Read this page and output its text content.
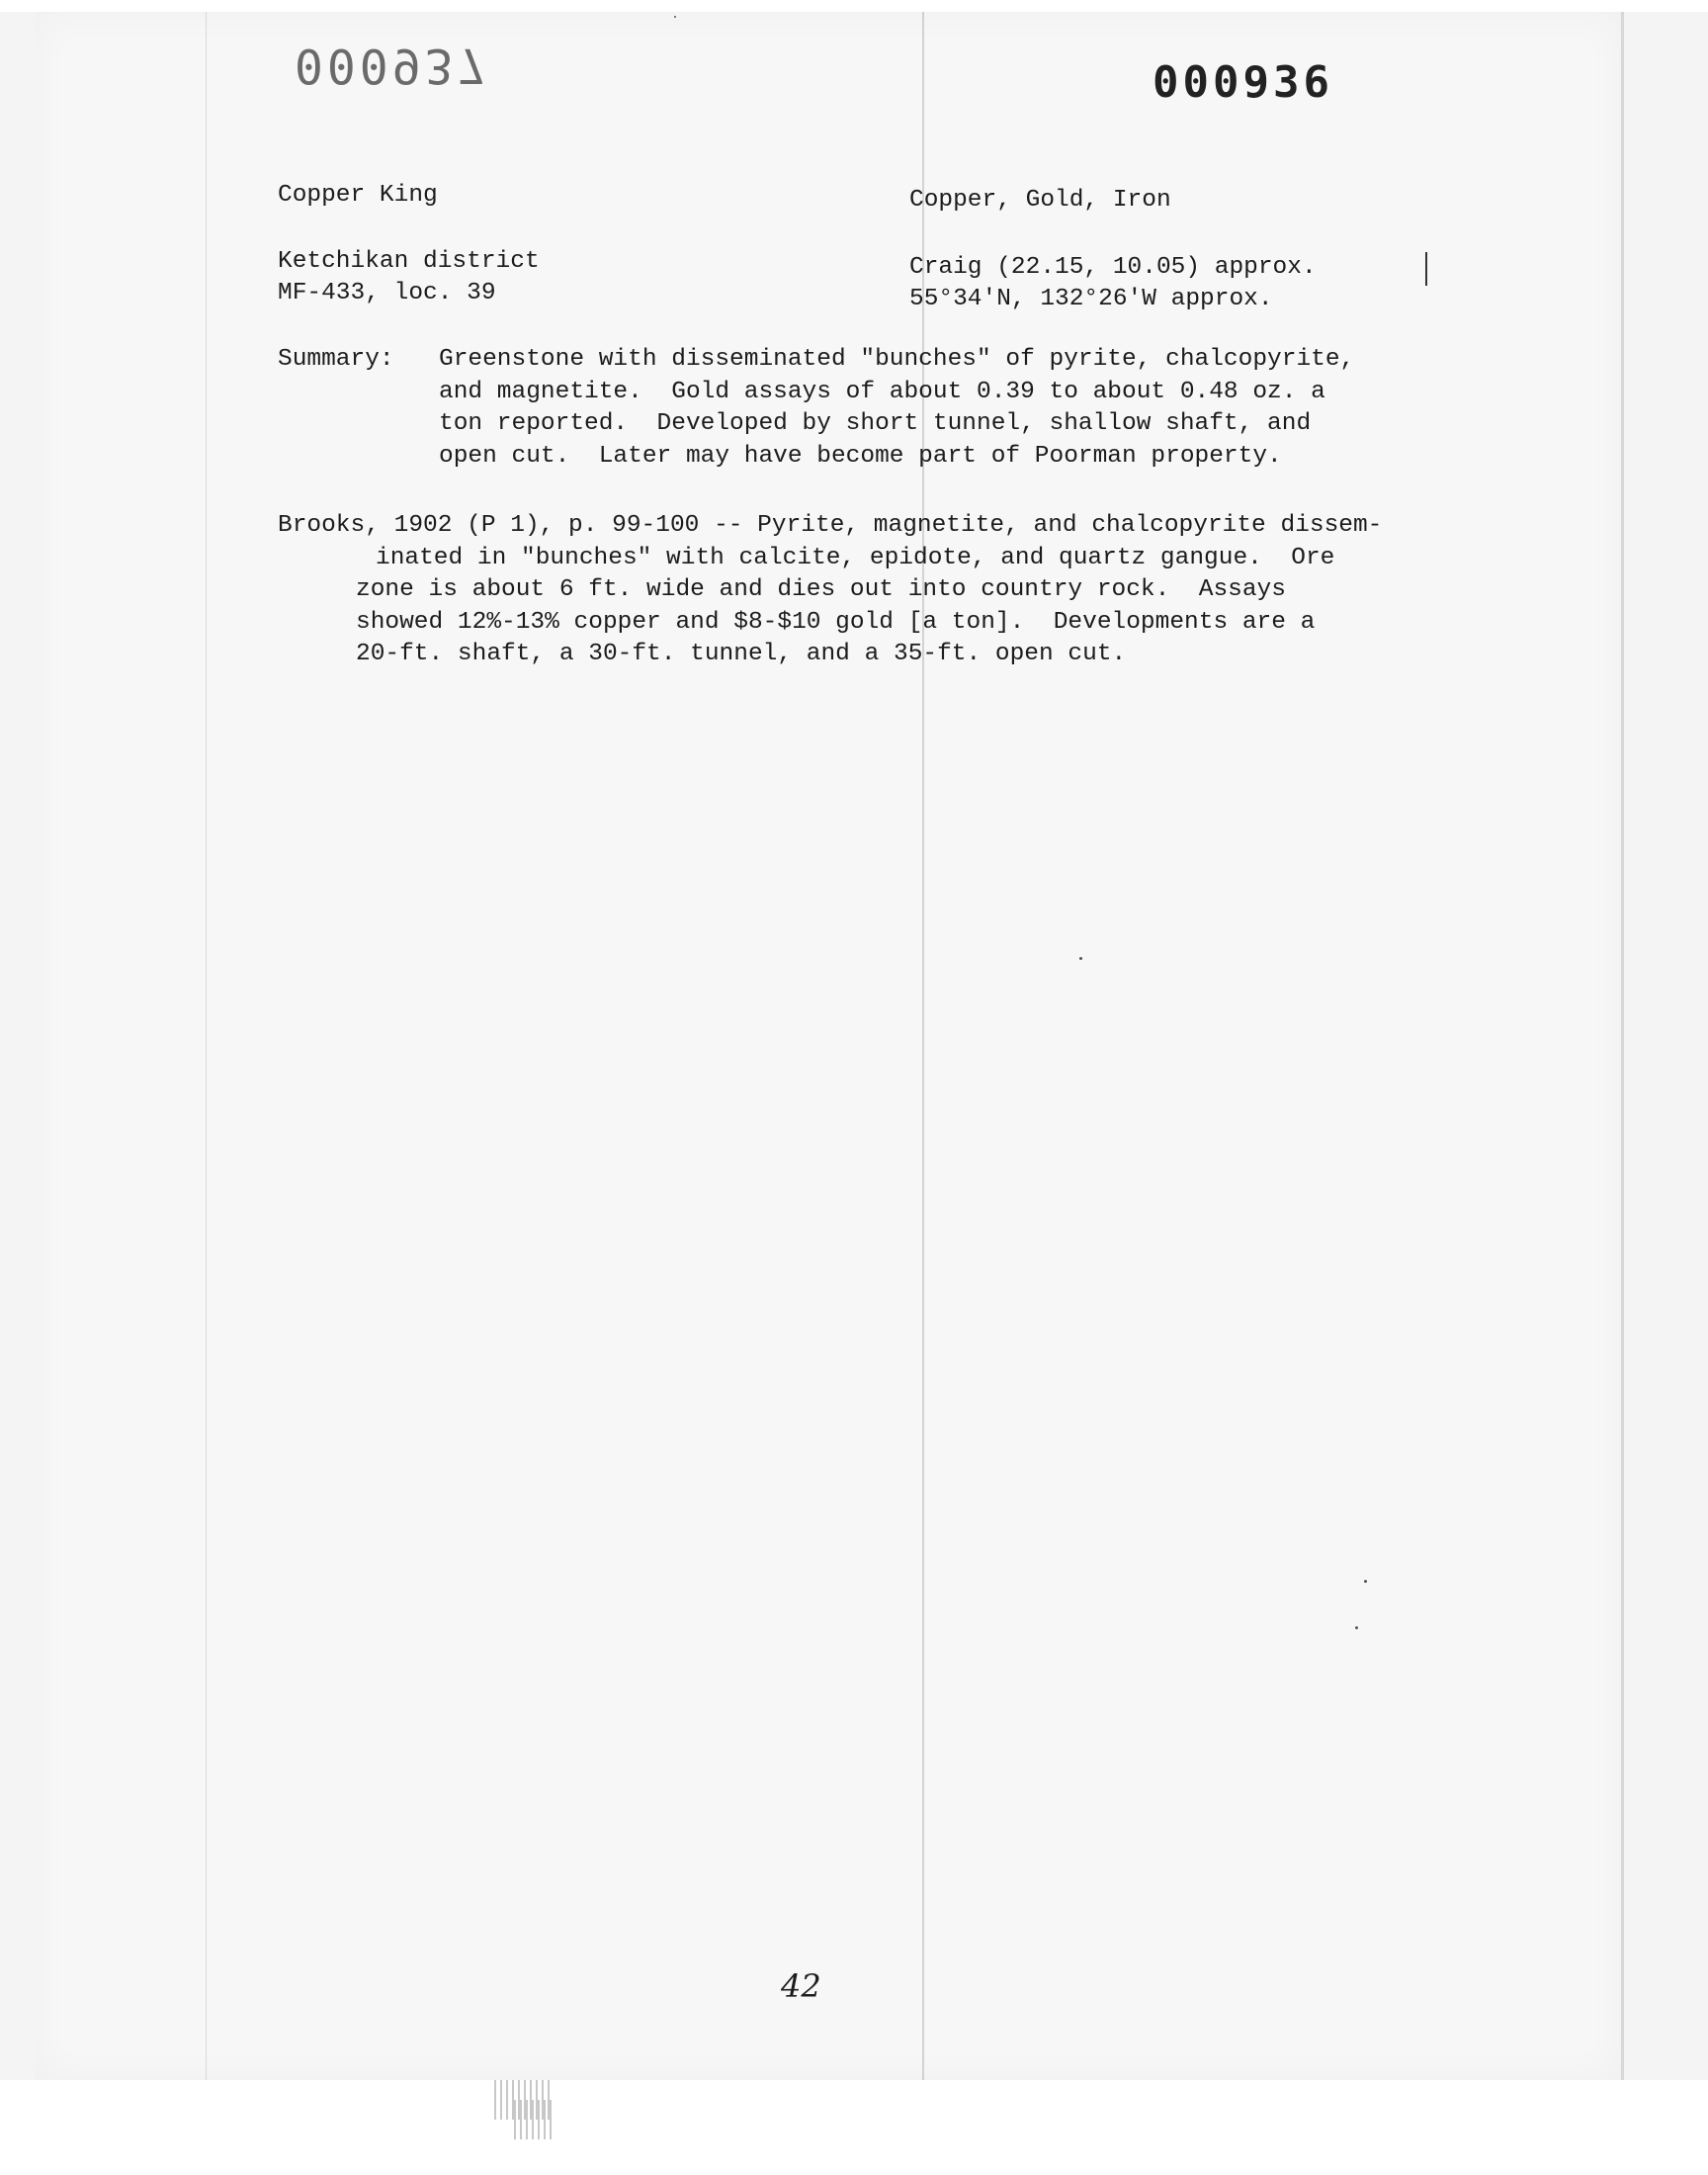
000937	000936
Copper King
Ketchikan district
MF-433, loc. 39
Copper, Gold, Iron
Craig (22.15, 10.05) approx.
55°34'N, 132°26'W approx.
Summary: Greenstone with disseminated "bunches" of pyrite, chalcopyrite,
and magnetite.  Gold assays of about 0.39 to about 0.48 oz. a
ton reported.  Developed by short tunnel, shallow shaft, and
open cut.  Later may have become part of Poorman property.
Brooks, 1902 (P 1), p. 99-100 -- Pyrite, magnetite, and chalcopyrite dissem-
inated in "bunches" with calcite, epidote, and quartz gangue.  Ore
zone is about 6 ft. wide and dies out into country rock.  Assays
showed 12%-13% copper and $8-$10 gold [a ton].  Developments are a
20-ft. shaft, a 30-ft. tunnel, and a 35-ft. open cut.
42
